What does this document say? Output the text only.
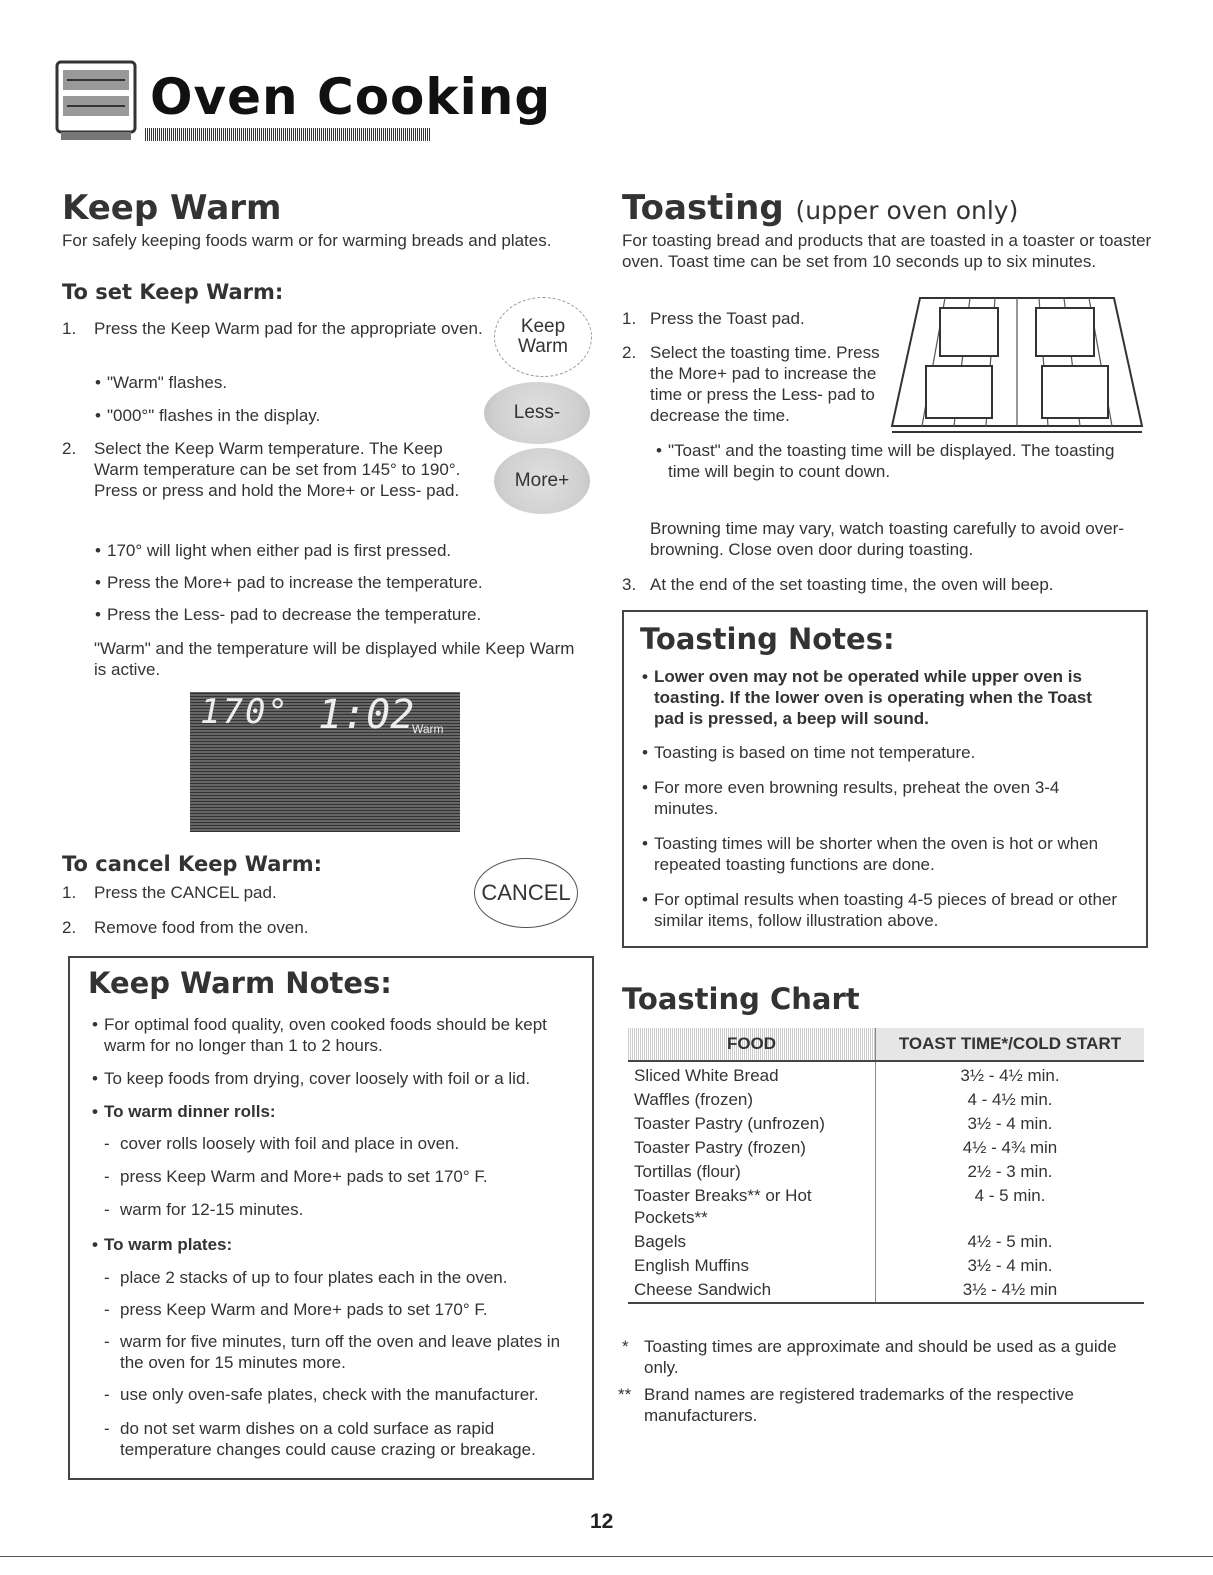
Oven Cooking
Keep Warm
For safely keeping foods warm or for warming breads and plates.
To set Keep Warm:
1. Press the Keep Warm pad for the appropriate oven.
• "Warm" flashes.
• "000°" flashes in the display.
2. Select the Keep Warm temperature. The Keep Warm temperature can be set from 145° to 190°. Press or press and hold the More+ or Less- pad.
• 170° will light when either pad is first pressed.
• Press the More+ pad to increase the temperature.
• Press the Less- pad to decrease the temperature.
"Warm" and the temperature will be displayed while Keep Warm is active.
Keep Warm
Less-
More+
170° 1:02
Warm
To cancel Keep Warm:
1. Press the CANCEL pad.
2. Remove food from the oven.
CANCEL
Keep Warm Notes:
• For optimal food quality, oven cooked foods should be kept warm for no longer than 1 to 2 hours.
• To keep foods from drying, cover loosely with foil or a lid.
• To warm dinner rolls:
- cover rolls loosely with foil and place in oven.
- press Keep Warm and More+ pads to set 170° F.
- warm for 12-15 minutes.
• To warm plates:
- place 2 stacks of up to four plates each in the oven.
- press Keep Warm and More+ pads to set 170° F.
- warm for five minutes, turn off the oven and leave plates in the oven for 15 minutes more.
- use only oven-safe plates, check with the manufacturer.
- do not set warm dishes on a cold surface as rapid temperature changes could cause crazing or breakage.
Toasting (upper oven only)
For toasting bread and products that are toasted in a toaster or toaster oven. Toast time can be set from 10 seconds up to six minutes.
1. Press the Toast pad.
2. Select the toasting time. Press the More+ pad to increase the time or press the Less- pad to decrease the time.
• "Toast" and the toasting time will be displayed. The toasting time will begin to count down.
Browning time may vary, watch toasting carefully to avoid over-browning. Close oven door during toasting.
3. At the end of the set toasting time, the oven will beep.
Toasting Notes:
• Lower oven may not be operated while upper oven is toasting. If the lower oven is operating when the Toast pad is pressed, a beep will sound.
• Toasting is based on time not temperature.
• For more even browning results, preheat the oven 3-4 minutes.
• Toasting times will be shorter when the oven is hot or when repeated toasting functions are done.
• For optimal results when toasting 4-5 pieces of bread or other similar items, follow illustration above.
Toasting Chart
FOOD	TOAST TIME*/COLD START
Sliced White Bread	3½ - 4½ min.
Waffles (frozen)	4 - 4½ min.
Toaster Pastry (unfrozen)	3½ - 4 min.
Toaster Pastry (frozen)	4½ - 4¾ min
Tortillas (flour)	2½ - 3 min.
Toaster Breaks** or Hot Pockets**	4 - 5 min.
Bagels	4½ - 5 min.
English Muffins	3½ - 4 min.
Cheese Sandwich	3½ - 4½ min
* Toasting times are approximate and should be used as a guide only.
** Brand names are registered trademarks of the respective manufacturers.
12
